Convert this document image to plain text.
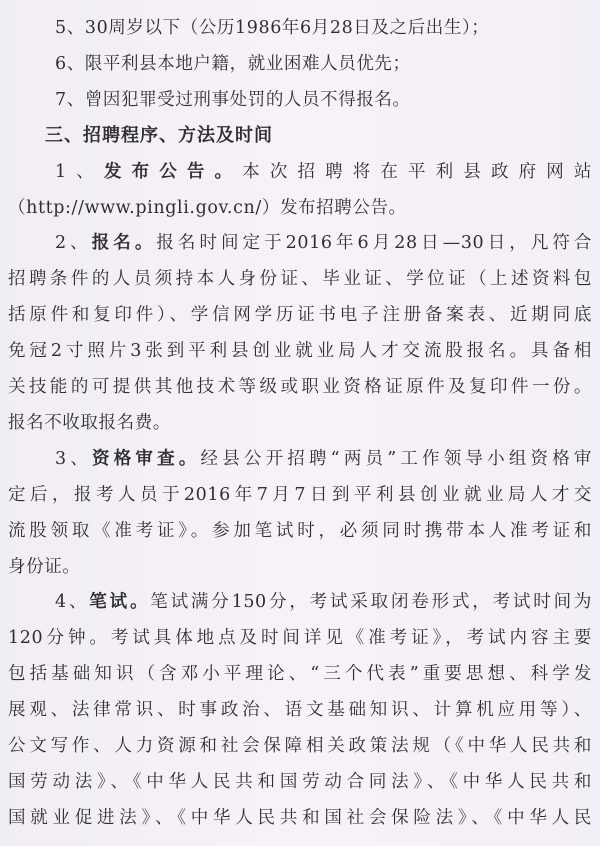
5、30周岁以下（公历1986年6月28日及之后出生）；
6、限平利县本地户籍，就业困难人员优先；
7、曾因犯罪受过刑事处罚的人员不得报名。
三、招聘程序、方法及时间
1、发布公告。本次招聘将在平利县政府网站
（http://www.pingli.gov.cn/）发布招聘公告。
2、报名。报名时间定于2016年6月28日—30日，凡符合
招聘条件的人员须持本人身份证、毕业证、学位证（上述资料包
括原件和复印件）、学信网学历证书电子注册备案表、近期同底
免冠2寸照片3张到平利县创业就业局人才交流股报名。具备相
关技能的可提供其他技术等级或职业资格证原件及复印件一份。
报名不收取报名费。
3、资格审查。经县公开招聘“两员”工作领导小组资格审
定后，报考人员于2016年7月7日到平利县创业就业局人才交
流股领取《准考证》。参加笔试时，必须同时携带本人准考证和
身份证。
4、笔试。笔试满分150分，考试采取闭卷形式，考试时间为
120分钟。考试具体地点及时间详见《准考证》，考试内容主要
包括基础知识（含邓小平理论、“三个代表”重要思想、科学发
展观、法律常识、时事政治、语文基础知识、计算机应用等）、
公文写作、人力资源和社会保障相关政策法规（《中华人民共和
国劳动法》、《中华人民共和国劳动合同法》、《中华人民共和
国就业促进法》、《中华人民共和国社会保险法》、《中华人民
